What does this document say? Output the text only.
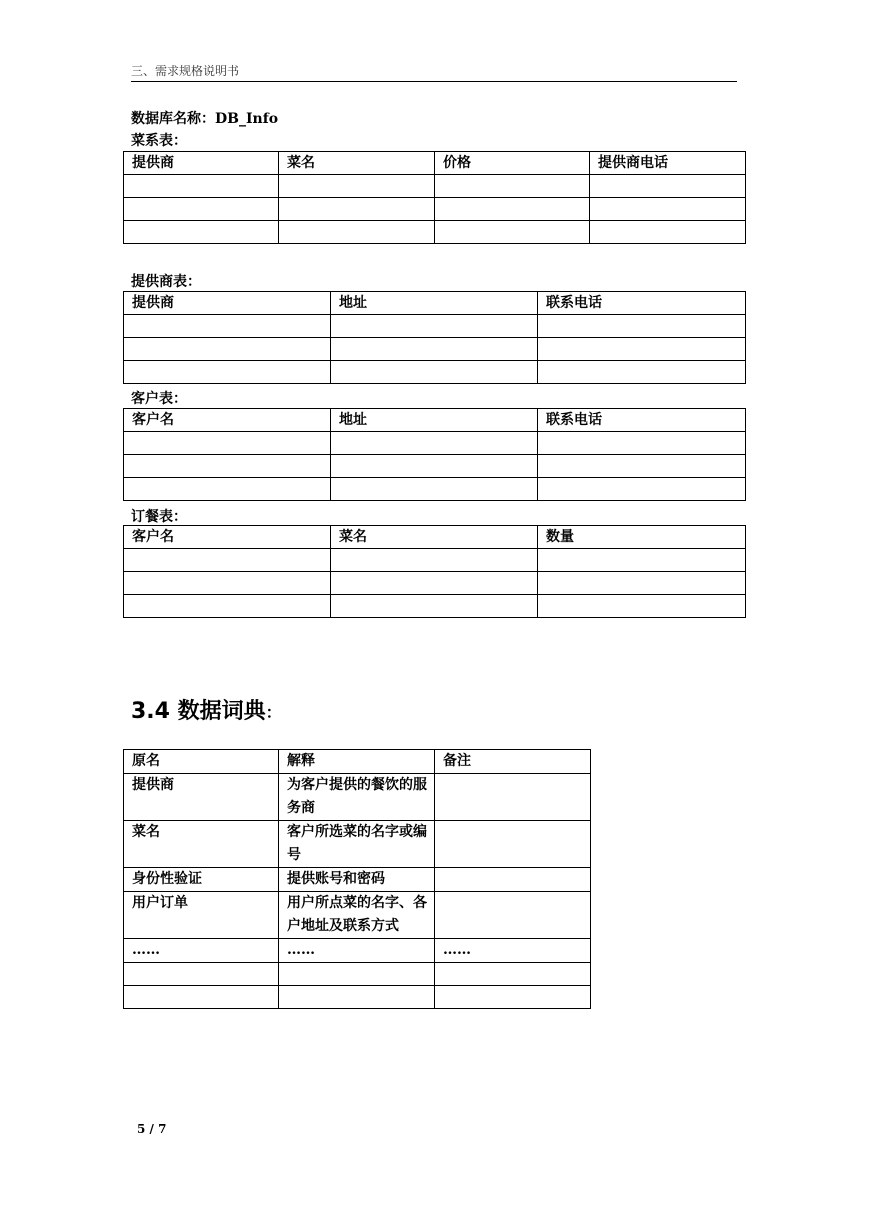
三、需求规格说明书
数据库名称：DB_Info
菜系表：
提供商	菜名	价格	提供商电话

提供商表：
提供商	地址	联系电话

客户表：
客户名	地址	联系电话

订餐表：
客户名	菜名	数量

3.4 数据词典：
原名	解释	备注
提供商	为客户提供的餐饮的服务商	
菜名	客户所选菜的名字或编号	
身份性验证	提供账号和密码	
用户订单	用户所点菜的名字、各户地址及联系方式	
……	……	……

5 / 7
